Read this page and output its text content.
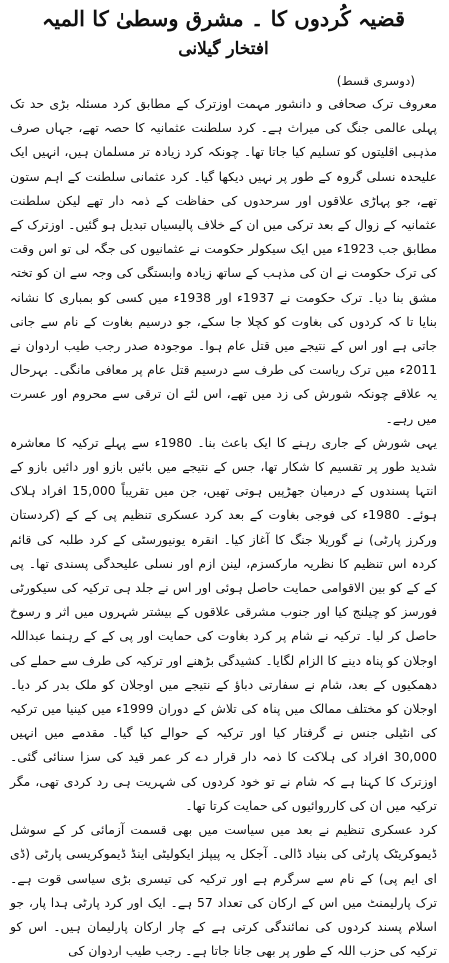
قضیہ کُردوں کا ۔ مشرق وسطیٰ کا المیہ
افتخار گیلانی
(دوسری قسط)

معروف ترک صحافی و دانشور مہمت اوزترک کے مطابق کرد مسئلہ بڑی حد تک پہلی عالمی جنگ کی میراث ہے۔ کرد سلطنت عثمانیہ کا حصہ تھے، جہاں صرف مذہبی اقلیتوں کو تسلیم کیا جاتا تھا۔ چونکہ کرد زیادہ تر مسلمان ہیں، انہیں ایک علیحدہ نسلی گروہ کے طور پر نہیں دیکھا گیا۔ کرد عثمانی سلطنت کے اہم ستون تھے، جو پہاڑی علاقوں اور سرحدوں کی حفاظت کے ذمہ دار تھے لیکن سلطنت عثمانیہ کے زوال کے بعد ترکی میں ان کے خلاف پالیسیاں تبدیل ہو گئیں۔ اوزترک کے مطابق جب 1923ء میں ایک سیکولر حکومت نے عثمانیوں کی جگہ لی تو اس وقت کی ترک حکومت نے ان کی مذہب کے ساتھ زیادہ وابستگی کی وجہ سے ان کو تختہ مشق بنا دیا۔ ترک حکومت نے 1937ء اور 1938ء میں کسی کو بمباری کا نشانہ بنایا تا کہ کردوں کی بغاوت کو کچلا جا سکے، جو درسیم بغاوت کے نام سے جانی جاتی ہے اور اس کے نتیجے میں قتل عام ہوا۔ موجودہ صدر رجب طیب اردوان نے 2011ء میں ترک ریاست کی طرف سے درسیم قتل عام پر معافی مانگی۔ بہرحال یہ علاقے چونکہ شورش کی زد میں تھے، اس لئے ان ترقی سے محروم اور عسرت میں رہے۔

یہی شورش کے جاری رہنے کا ایک باعث بنا۔ 1980ء سے پہلے ترکیہ کا معاشرہ شدید طور پر تقسیم کا شکار تھا، جس کے نتیجے میں بائیں بازو اور دائیں بازو کے انتہا پسندوں کے درمیان جھڑپیں ہوتی تھیں، جن میں تقریباً 15,000 افراد ہلاک ہوئے۔ 1980ء کی فوجی بغاوت کے بعد کرد عسکری تنظیم پی کے کے (کردستان ورکرز پارٹی) نے گوریلا جنگ کا آغاز کیا۔ انقرہ یونیورسٹی کے کرد طلبہ کی قائم کردہ اس تنظیم کا نظریہ مارکسزم، لینن ازم اور نسلی علیحدگی پسندی تھا۔ پی کے کے کو بین الاقوامی حمایت حاصل ہوئی اور اس نے جلد ہی ترکیہ کی سیکورٹی فورسز کو چیلنج کیا اور جنوب مشرقی علاقوں کے بیشتر شہروں میں اثر و رسوخ حاصل کر لیا۔ ترکیہ نے شام پر کرد بغاوت کی حمایت اور پی کے کے رہنما عبداللہ اوجلان کو پناہ دینے کا الزام لگایا۔ کشیدگی بڑھنے اور ترکیہ کی طرف سے حملے کی دھمکیوں کے بعد، شام نے سفارتی دباؤ کے نتیجے میں اوجلان کو ملک بدر کر دیا۔ اوجلان کو مختلف ممالک میں پناہ کی تلاش کے دوران 1999ء میں کینیا میں ترکیہ کی انٹیلی جنس نے گرفتار کیا اور ترکیہ کے حوالے کیا گیا۔ مقدمے میں انہیں 30,000 افراد کی ہلاکت کا ذمہ دار قرار دے کر عمر قید کی سزا سنائی گئی۔ اوزترک کا کہنا ہے کہ شام نے تو خود کردوں کی شہریت ہی رد کردی تھی، مگر ترکیہ میں ان کی کارروائیوں کی حمایت کرتا تھا۔

کرد عسکری تنظیم نے بعد میں سیاست میں بھی قسمت آزمائی کر کے سوشل ڈیموکریٹک پارٹی کی بنیاد ڈالی۔ آجکل یہ پیپلز ایکولیٹی اینڈ ڈیموکریسی پارٹی (ڈی ای ایم پی) کے نام سے سرگرم ہے اور ترکیہ کی تیسری بڑی سیاسی قوت ہے۔ ترک پارلیمنٹ میں اس کے ارکان کی تعداد 57 ہے۔ ایک اور کرد پارٹی ہدا پار، جو اسلام پسند کردوں کی نمائندگی کرتی ہے کے چار ارکان پارلیمان ہیں۔ اس کو ترکیہ کی حزب اللہ کے طور پر بھی جانا جاتا ہے۔ رجب طیب اردوان کی
